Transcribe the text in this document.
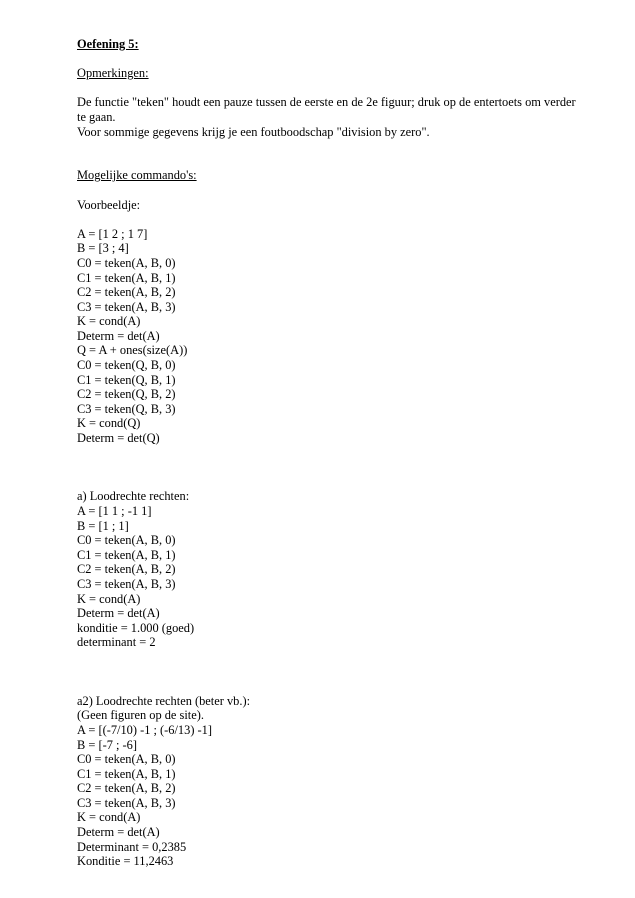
Oefening 5:

Opmerkingen:

De functie "teken" houdt een pauze tussen de eerste en de 2e figuur; druk op de entertoets om verder te gaan.

Voor sommige gegevens krijg je een foutboodschap "division by zero".

Mogelijke commando's:

Voorbeeldje:

A = [1 2 ; 1 7]

B = [3 ; 4]

C0 = teken(A, B, 0)

C1 = teken(A, B, 1)

C2 = teken(A, B, 2)

C3 = teken(A, B, 3)

K = cond(A)

Determ = det(A)

Q = A + ones(size(A))

C0 = teken(Q, B, 0)

C1 = teken(Q, B, 1)

C2 = teken(Q, B, 2)

C3 = teken(Q, B, 3)

K = cond(Q)

Determ = det(Q)

a) Loodrechte rechten:

A = [1 1 ; -1 1]

B = [1 ; 1]

C0 = teken(A, B, 0)

C1 = teken(A, B, 1)

C2 = teken(A, B, 2)

C3 = teken(A, B, 3)

K = cond(A)

Determ = det(A)

konditie = 1.000 (goed)

determinant = 2

a2) Loodrechte rechten (beter vb.):

(Geen figuren op de site).

A = [(-7/10) -1 ; (-6/13) -1]

B = [-7 ; -6]

C0 = teken(A, B, 0)

C1 = teken(A, B, 1)

C2 = teken(A, B, 2)

C3 = teken(A, B, 3)

K = cond(A)

Determ = det(A)

Determinant = 0,2385

Konditie = 11,2463
